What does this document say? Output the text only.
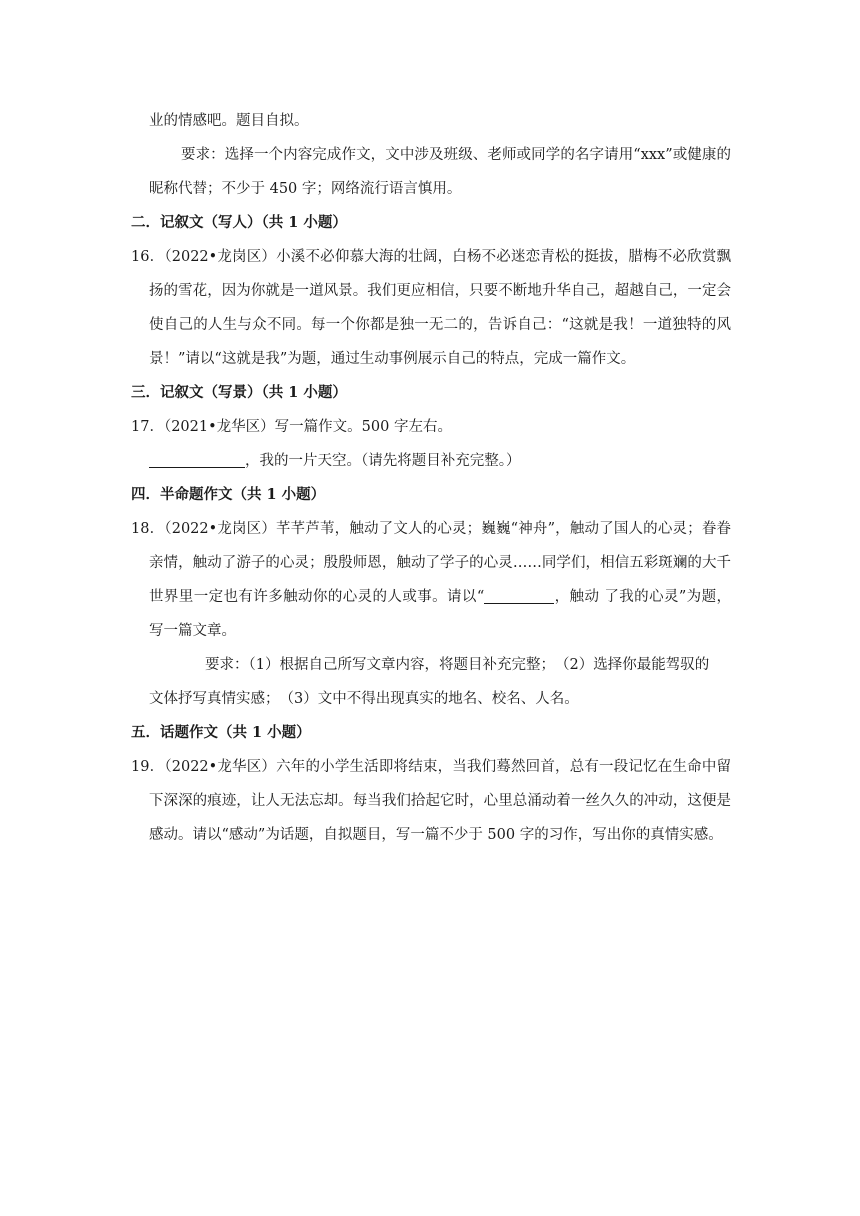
业的情感吧。题目自拟。

要求：选择一个内容完成作文，文中涉及班级、老师或同学的名字请用“xxx”或健康的昵称代替；不少于 450 字；网络流行语言慎用。

二．记叙文（写人）（共 1 小题）

16．（2022•龙岗区）小溪不必仰慕大海的壮阔，白杨不必迷恋青松的挺拔，腊梅不必欣赏飘扬的雪花，因为你就是一道风景。我们更应相信，只要不断地升华自己，超越自己，一定会使自己的人生与众不同。每一个你都是独一无二的，告诉自己：“这就是我！一道独特的风景！”请以“这就是我”为题，通过生动事例展示自己的特点，完成一篇作文。

三．记叙文（写景）（共 1 小题）

17．（2021•龙华区）写一篇作文。500 字左右。

，我的一片天空。（请先将题目补充完整。）

四．半命题作文（共 1 小题）

18．（2022•龙岗区）芊芊芦苇，触动了文人的心灵；巍巍“神舟”，触动了国人的心灵；眷眷亲情，触动了游子的心灵；殷殷师恩，触动了学子的心灵……同学们，相信五彩斑斓的大千世界里一定也有许多触动你的心灵的人或事。请以“	，触动 了我的心灵”为题，写一篇文章。

要求：（1）根据自己所写文章内容，将题目补充完整；　（2）选择你最能驾驭的

文体抒写真情实感；　（3）文中不得出现真实的地名、校名、人名。

五．话题作文（共 1 小题）

19．（2022•龙华区）六年的小学生活即将结束，当我们蓦然回首，总有一段记忆在生命中留下深深的痕迹，让人无法忘却。每当我们拾起它时，心里总涌动着一丝久久的冲动，这便是感动。请以“感动”为话题，自拟题目，写一篇不少于 500 字的习作，写出你的真情实感。
